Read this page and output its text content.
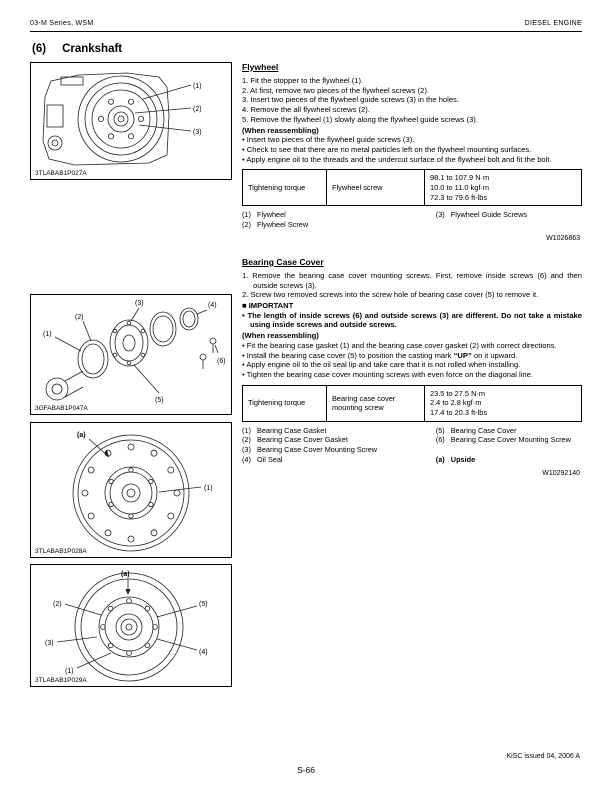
03-M Series, WSM	DIESEL ENGINE
(6) Crankshaft
(1)
(2)
(3)
3TLABAB1P027A
(3)
(2)
(1)
(4)
(6)
(5)
3GFABAB1P047A
(a)
(1)
3TLABAB1P028A
(a)
(2)	(5)
(3)
(1)
(4)
3TLABAB1P029A
Flywheel
1. Fit the stopper to the flywheel (1).
2. At first, remove two pieces of the flywheel screws (2).
3. Insert two pieces of the flywheel guide screws (3) in the holes.
4. Remove the all flywheel screws (2).
5. Remove the flywheel (1) slowly along the flywheel guide screws (3).
(When reassembling)
• Insert two pieces of the flywheel guide screws (3).
• Check to see that there are no metal particles left on the flywheel mounting surfaces.
• Apply engine oil to the threads and the undercut surface of the flywheel bolt and fit the bolt.
Tightening torque	Flywheel screw	
98.1 to 107.9 N·m
10.0 to 11.0 kgf·m
72.3 to 79.6 ft-lbs
(1) Flywheel
(2) Flywheel Screw
(3) Flywheel Guide Screws
W1026863
Bearing Case Cover
1. Remove the bearing case cover mounting screws. First, remove inside screws (6) and then outside screws (3).
2. Screw two removed screws into the screw hole of bearing case cover (5) to remove it.
■ IMPORTANT
• The length of inside screws (6) and outside screws (3) are different. Do not take a mistake using inside screws and outside screws.
(When reassembling)
• Fit the bearing case gasket (1) and the bearing case cover gasket (2) with correct directions.
• Install the bearing case cover (5) to position the casting mark “UP” on it upward.
• Apply engine oil to the oil seal lip and take care that it is not rolled when installing.
• Tighten the bearing case cover mounting screws with even force on the diagonal line.
Tightening torque	Bearing case cover mounting screw	
23.5 to 27.5 N·m
2.4 to 2.8 kgf·m
17.4 to 20.3 ft-lbs
(1) Bearing Case Gasket
(2) Bearing Case Cover Gasket
(3) Bearing Case Cover Mounting Screw
(4) Oil Seal
(5) Bearing Case Cover
(6) Bearing Case Cover Mounting Screw
(a) Upside
W10292140
KiSC issued 04, 2006 A
S-66
